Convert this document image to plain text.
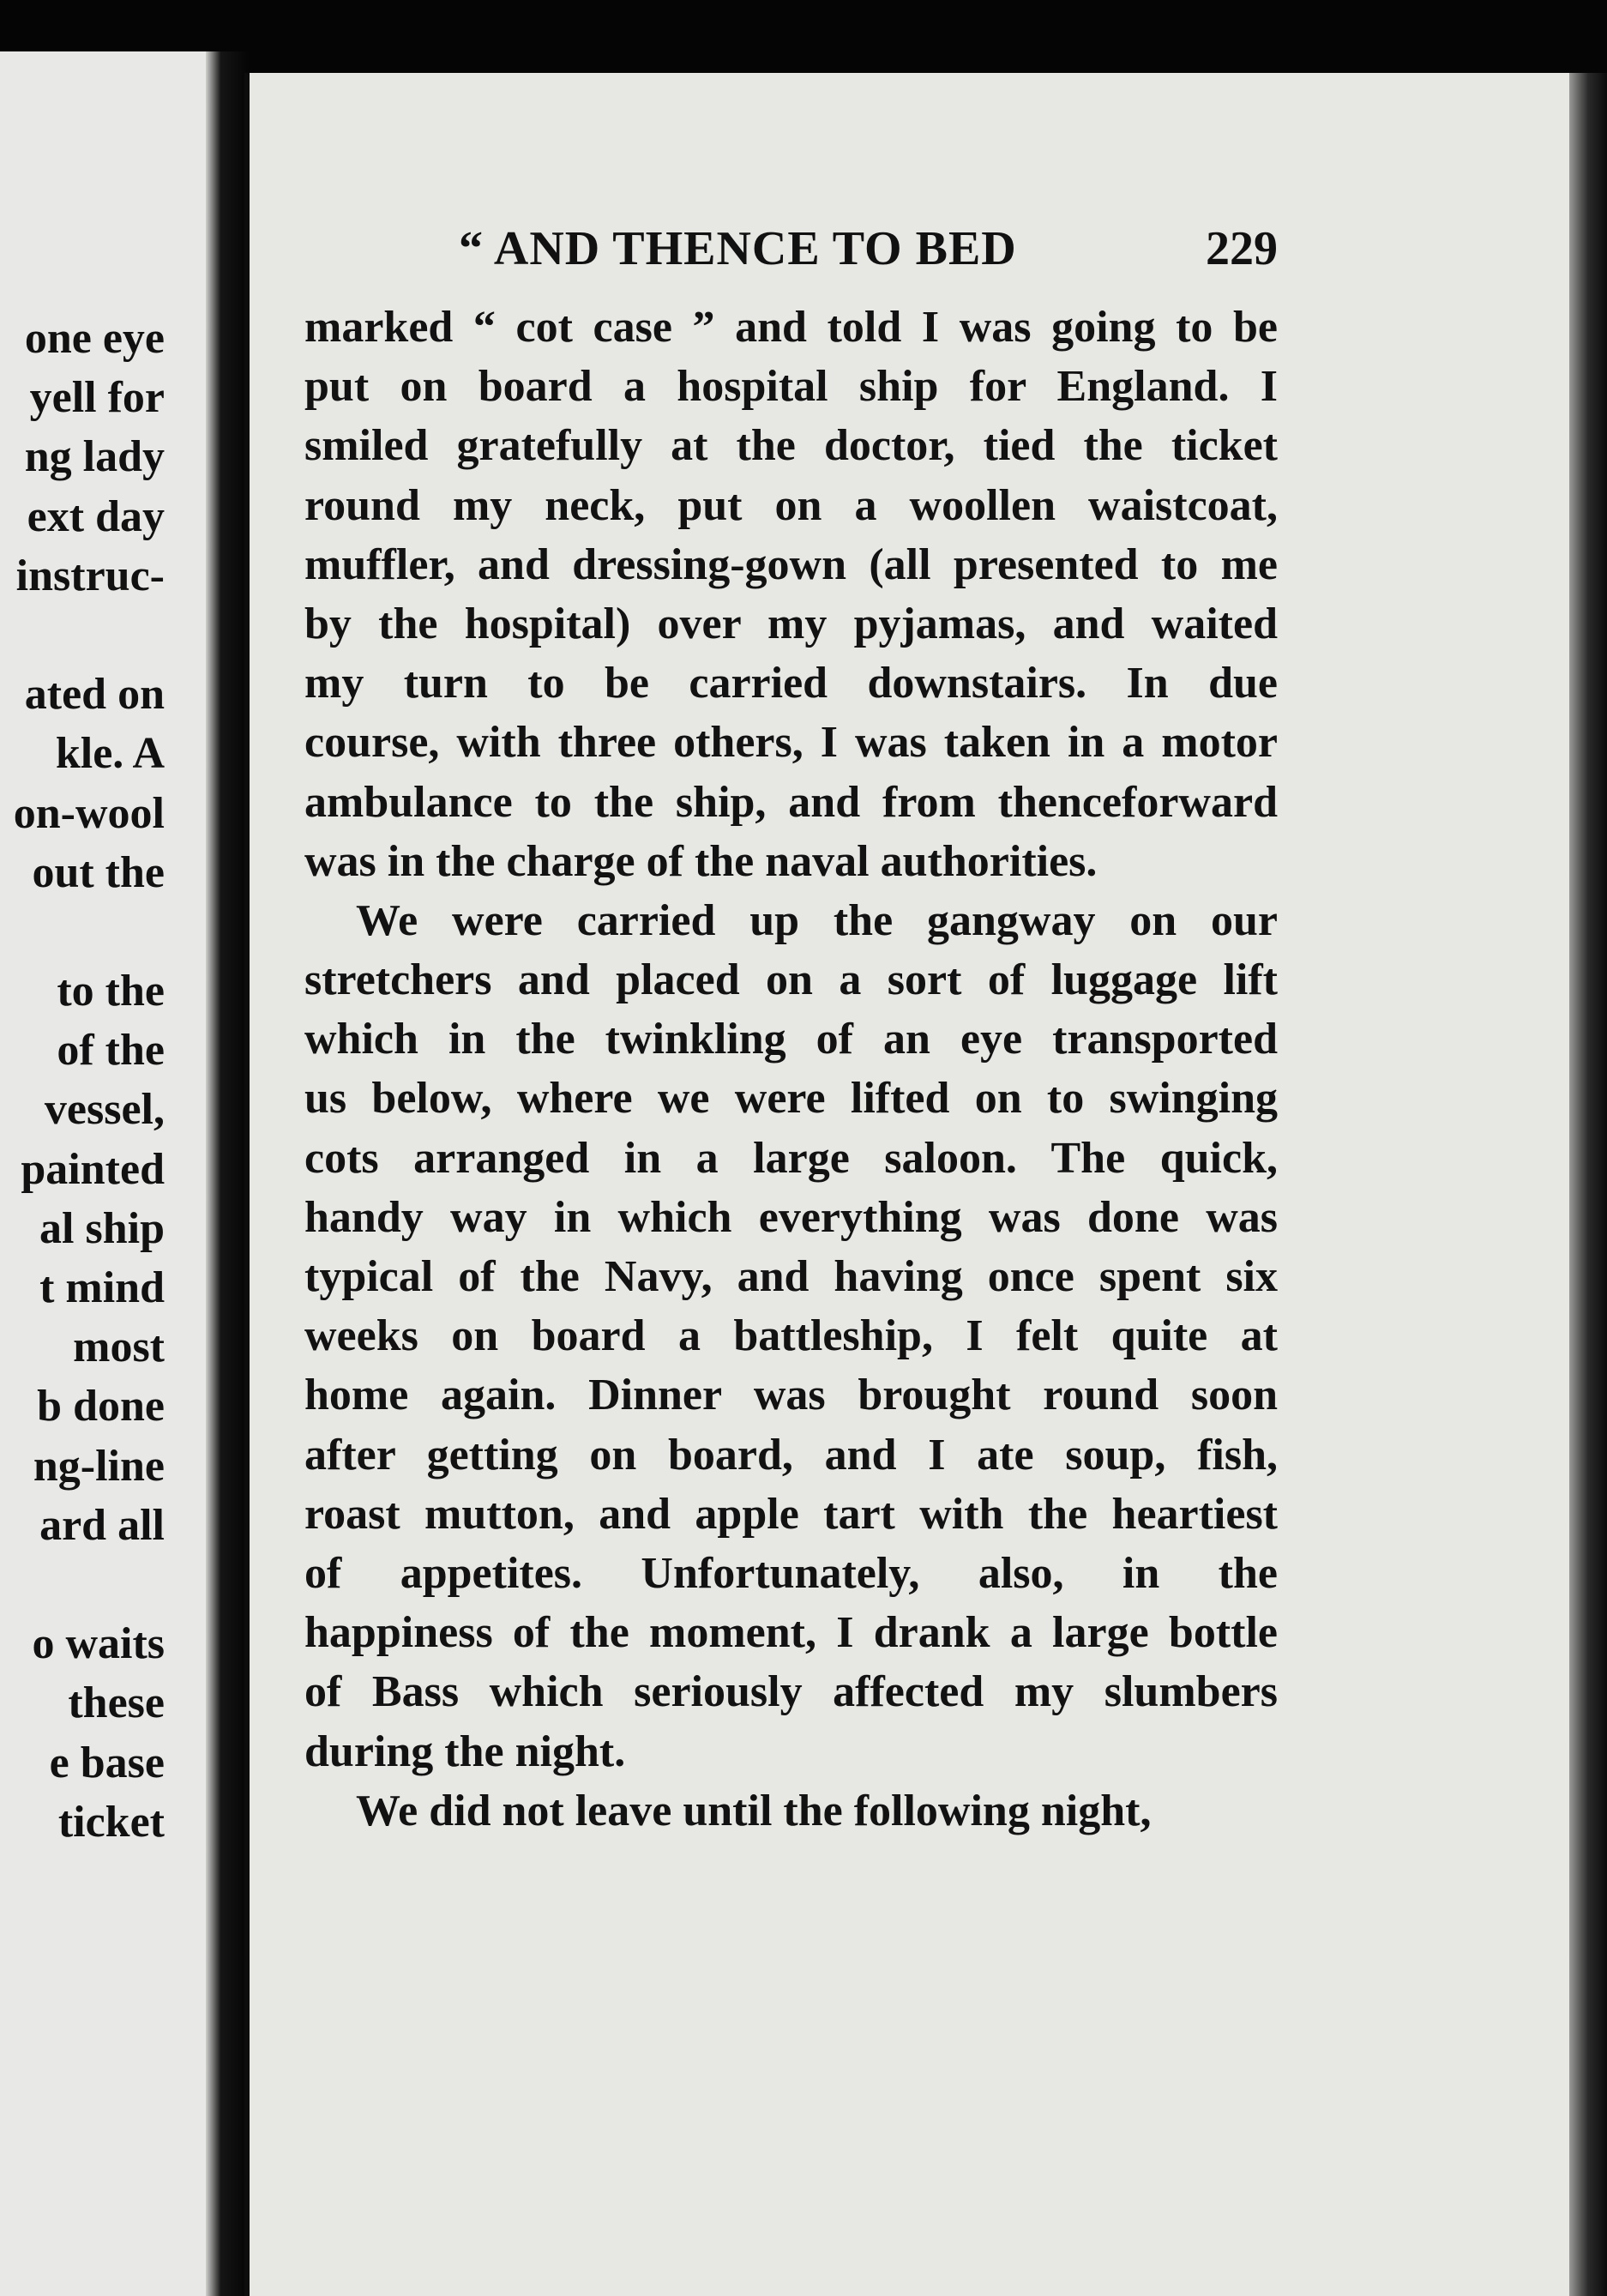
one eye
yell for
ng lady
ext day
instruc-
ated on
kle. A
on-wool
out the
to the
of the
vessel,
painted
al ship
t mind
most
b done
ng-line
ard all
o waits
these
e base
ticket
“ AND THENCE TO BED	229
marked “ cot case ” and told I was going to be
put on board a hospital ship for England. I
smiled gratefully at the doctor, tied the ticket
round my neck, put on a woollen waistcoat,
muffler, and dressing-gown (all presented to me
by the hospital) over my pyjamas, and waited
my turn to be carried downstairs. In due
course, with three others, I was taken in a motor
ambulance to the ship, and from thenceforward
was in the charge of the naval authorities.
We were carried up the gangway on our
stretchers and placed on a sort of luggage lift
which in the twinkling of an eye transported
us below, where we were lifted on to swinging
cots arranged in a large saloon. The quick,
handy way in which everything was done was
typical of the Navy, and having once spent six
weeks on board a battleship, I felt quite at
home again. Dinner was brought round soon
after getting on board, and I ate soup, fish,
roast mutton, and apple tart with the heartiest
of appetites. Unfortunately, also, in the
happiness of the moment, I drank a large bottle
of Bass which seriously affected my slumbers
during the night.
We did not leave until the following night,
